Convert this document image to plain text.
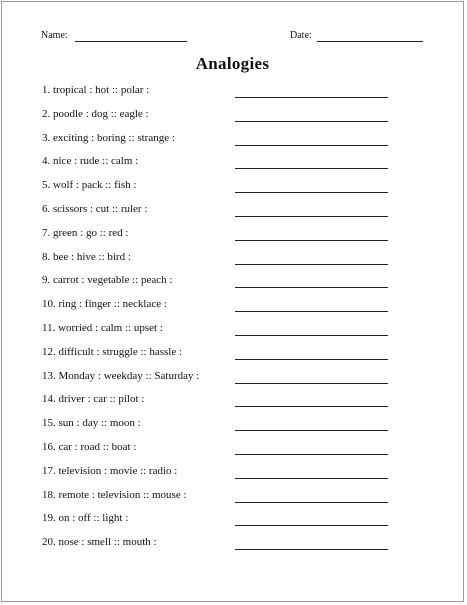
Name:	Date:
Analogies
1. tropical : hot :: polar :
2. poodle : dog :: eagle :
3. exciting : boring :: strange :
4. nice : rude :: calm :
5. wolf : pack :: fish :
6. scissors : cut :: ruler :
7. green : go :: red :
8. bee : hive :: bird :
9. carrot : vegetable :: peach :
10. ring : finger :: necklace :
11. worried : calm :: upset :
12. difficult : struggle :: hassle :
13. Monday : weekday :: Saturday :
14. driver : car :: pilot :
15. sun : day :: moon :
16. car : road :: boat :
17. television : movie :: radio :
18. remote : television :: mouse :
19. on : off :: light :
20. nose : smell :: mouth :
